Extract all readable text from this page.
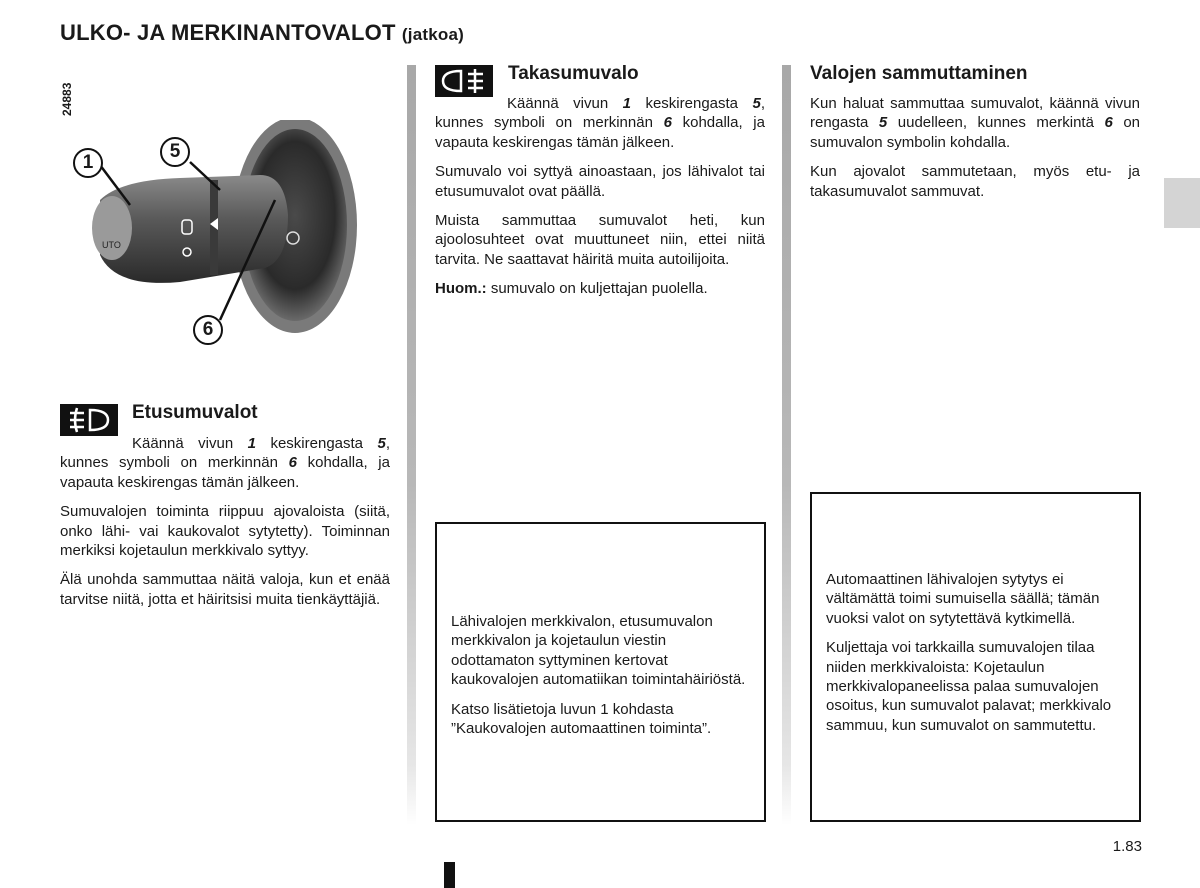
ULKO- JA MERKINANTOVALOT (jatkoa)
24883
UTO
1
5
6
Etusumuvalot

Käännä vivun 1 keskirengasta 5, kunnes symboli on merkinnän 6 kohdalla, ja vapauta keskirengas tämän jälkeen.

Sumuvalojen toiminta riippuu ajovaloista (siitä, onko lähi- vai kaukovalot sytytetty). Toiminnan merkiksi kojetaulun merkkivalo syttyy.

Älä unohda sammuttaa näitä valoja, kun et enää tarvitse niitä, jotta et häiritsisi muita tienkäyttäjiä.

Takasumuvalo

Käännä vivun 1 keskirengasta 5, kunnes symboli on merkinnän 6 kohdalla, ja vapauta keskirengas tämän jälkeen.

Sumuvalo voi syttyä ainoastaan, jos lähivalot tai etusumuvalot ovat päällä.

Muista sammuttaa sumuvalot heti, kun ajoolosuhteet ovat muuttuneet niin, ettei niitä tarvita. Ne saattavat häiritä muita autoilijoita.

Huom.: sumuvalo on kuljettajan puolella.

Lähivalojen merkkivalon, etusumuvalon merkkivalon ja kojetaulun viestin odottamaton syttyminen kertovat kaukovalojen automatiikan toimintahäiriöstä.

Katso lisätietoja luvun 1 kohdasta ”Kaukovalojen automaattinen toiminta”.

Valojen sammuttaminen

Kun haluat sammuttaa sumuvalot, käännä vivun rengasta 5 uudelleen, kunnes merkintä 6 on sumuvalon symbolin kohdalla.

Kun ajovalot sammutetaan, myös etu- ja takasumuvalot sammuvat.

Automaattinen lähivalojen sytytys ei vältämättä toimi sumuisella säällä; tämän vuoksi valot on sytytettävä kytkimellä.

Kuljettaja voi tarkkailla sumuvalojen tilaa niiden merkkivaloista: Kojetaulun merkkivalopaneelissa palaa sumuvalojen osoitus, kun sumuvalot palavat; merkkivalo sammuu, kun sumuvalot on sammutettu.

1.83
